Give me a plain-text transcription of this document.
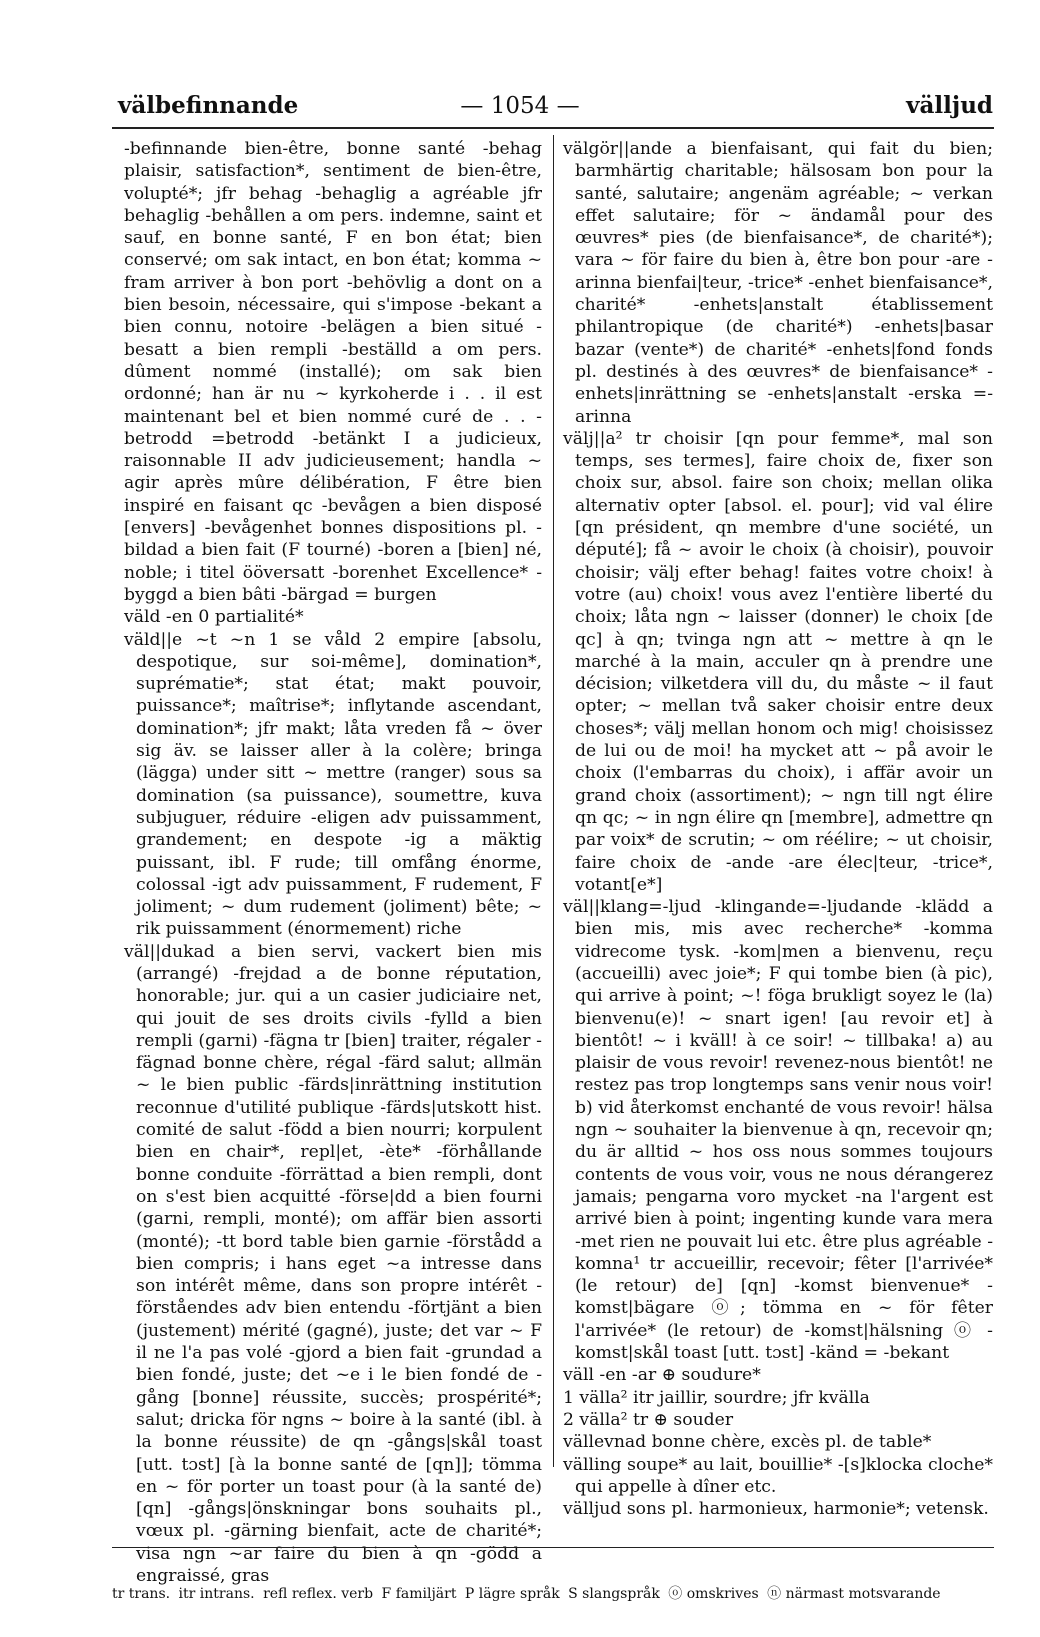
välbefinnande	— 1054 —	välljud

-befinnande bien-être, bonne santé -behag plaisir, satisfaction*, sentiment de bien-être, volupté*; jfr behag -behaglig a agréable jfr behaglig -behållen a om pers. indemne, saint et sauf, en bonne santé, F en bon état; bien conservé; om sak intact, en bon état; komma ~ fram arriver à bon port -behövlig a dont on a bien besoin, nécessaire, qui s'impose -bekant a bien connu, notoire -belägen a bien situé -besatt a bien rempli -beställd a om pers. dûment nommé (installé); om sak bien ordonné; han är nu ~ kyrkoherde i . . il est maintenant bel et bien nommé curé de . . -betrodd =betrodd -betänkt I a judicieux, raisonnable II adv judicieusement; handla ~ agir après mûre délibération, F être bien inspiré en faisant qc -bevågen a bien disposé [envers] -bevågenhet bonnes dispositions pl. -bildad a bien fait (F tourné) -boren a [bien] né, noble; i titel ööversatt -borenhet Excellence* -byggd a bien bâti -bärgad = burgen

väld -en 0 partialité*

väld||e ~t ~n 1 se våld 2 empire [absolu, despotique, sur soi-même], domination*, suprématie*; stat état; makt pouvoir, puissance*; maîtrise*; inflytande ascendant, domination*; jfr makt; låta vreden få ~ över sig äv. se laisser aller à la colère; bringa (lägga) under sitt ~ mettre (ranger) sous sa domination (sa puissance), soumettre, kuva subjuguer, réduire -eligen adv puissamment, grandement; en despote -ig a mäktig puissant, ibl. F rude; till omfång énorme, colossal -igt adv puissamment, F rudement, F joliment; ~ dum rudement (joliment) bête; ~ rik puissamment (énormement) riche

väl||dukad a bien servi, vackert bien mis (arrangé) -frejdad a de bonne réputation, honorable; jur. qui a un casier judiciaire net, qui jouit de ses droits civils -fylld a bien rempli (garni) -fägna tr [bien] traiter, régaler -fägnad bonne chère, régal -färd salut; allmän ~ le bien public -färds|inrättning institution reconnue d'utilité publique -färds|utskott hist. comité de salut -född a bien nourri; korpulent bien en chair*, repl|et, -ète* -förhållande bonne conduite -förrättad a bien rempli, dont on s'est bien acquitté -förse|dd a bien fourni (garni, rempli, monté); om affär bien assorti (monté); -tt bord table bien garnie -förstådd a bien compris; i hans eget ~a intresse dans son intérêt même, dans son propre intérêt -förståendes adv bien entendu -förtjänt a bien (justement) mérité (gagné), juste; det var ~ F il ne l'a pas volé -gjord a bien fait -grundad a bien fondé, juste; det ~e i le bien fondé de -gång [bonne] réussite, succès; prospérité*; salut; dricka för ngns ~ boire à la santé (ibl. à la bonne réussite) de qn -gångs|skål toast [utt. tɔst] [à la bonne santé de [qn]]; tömma en ~ för porter un toast pour (à la santé de) [qn] -gångs|önskningar bons souhaits pl., vœux pl. -gärning bienfait, acte de charité*; visa ngn ~ar faire du bien à qn -gödd a engraissé, gras

välgör||ande a bienfaisant, qui fait du bien; barmhärtig charitable; hälsosam bon pour la santé, salutaire; angenäm agréable; ~ verkan effet salutaire; för ~ ändamål pour des œuvres* pies (de bienfaisance*, de charité*); vara ~ för faire du bien à, être bon pour -are -arinna bienfai|teur, -trice* -enhet bienfaisance*, charité* -enhets|anstalt établissement philantropique (de charité*) -enhets|basar bazar (vente*) de charité* -enhets|fond fonds pl. destinés à des œuvres* de bienfaisance* -enhets|inrättning se -enhets|anstalt -erska =-arinna

välj||a² tr choisir [qn pour femme*, mal son temps, ses termes], faire choix de, fixer son choix sur, absol. faire son choix; mellan olika alternativ opter [absol. el. pour]; vid val élire [qn président, qn membre d'une société, un député]; få ~ avoir le choix (à choisir), pouvoir choisir; välj efter behag! faites votre choix! à votre (au) choix! vous avez l'entière liberté du choix; låta ngn ~ laisser (donner) le choix [de qc] à qn; tvinga ngn att ~ mettre à qn le marché à la main, acculer qn à prendre une décision; vilketdera vill du, du måste ~ il faut opter; ~ mellan två saker choisir entre deux choses*; välj mellan honom och mig! choisissez de lui ou de moi! ha mycket att ~ på avoir le choix (l'embarras du choix), i affär avoir un grand choix (assortiment); ~ ngn till ngt élire qn qc; ~ in ngn élire qn [membre], admettre qn par voix* de scrutin; ~ om réélire; ~ ut choisir, faire choix de -ande -are élec|teur, -trice*, votant[e*]

väl||klang=-ljud -klingande=-ljudande -klädd a bien mis, mis avec recherche* -komma vidrecome tysk. -kom|men a bienvenu, reçu (accueilli) avec joie*; F qui tombe bien (à pic), qui arrive à point; ~! föga brukligt soyez le (la) bienvenu(e)! ~ snart igen! [au revoir et] à bientôt! ~ i kväll! à ce soir! ~ tillbaka! a) au plaisir de vous revoir! revenez-nous bientôt! ne restez pas trop longtemps sans venir nous voir! b) vid återkomst enchanté de vous revoir! hälsa ngn ~ souhaiter la bienvenue à qn, recevoir qn; du är alltid ~ hos oss nous sommes toujours contents de vous voir, vous ne nous dérangerez jamais; pengarna voro mycket -na l'argent est arrivé bien à point; ingenting kunde vara mera -met rien ne pouvait lui etc. être plus agréable -komna¹ tr accueillir, recevoir; fêter [l'arrivée* (le retour) de] [qn] -komst bienvenue* -komst|bägare ⓞ; tömma en ~ för fêter l'arrivée* (le retour) de -komst|hälsning ⓞ -komst|skål toast [utt. tɔst] -känd = -bekant

väll -en -ar ⊕ soudure*

1 välla² itr jaillir, sourdre; jfr kvälla

2 välla² tr ⊕ souder

vällevnad bonne chère, excès pl. de table*

välling soupe* au lait, bouillie* -[s]klocka cloche* qui appelle à dîner etc.

välljud sons pl. harmonieux, harmonie*; vetensk.

tr trans. itr intrans. refl reflex. verb F familjärt P lägre språk S slangspråk ⓞ omskrives ⓝ närmast motsvarande
